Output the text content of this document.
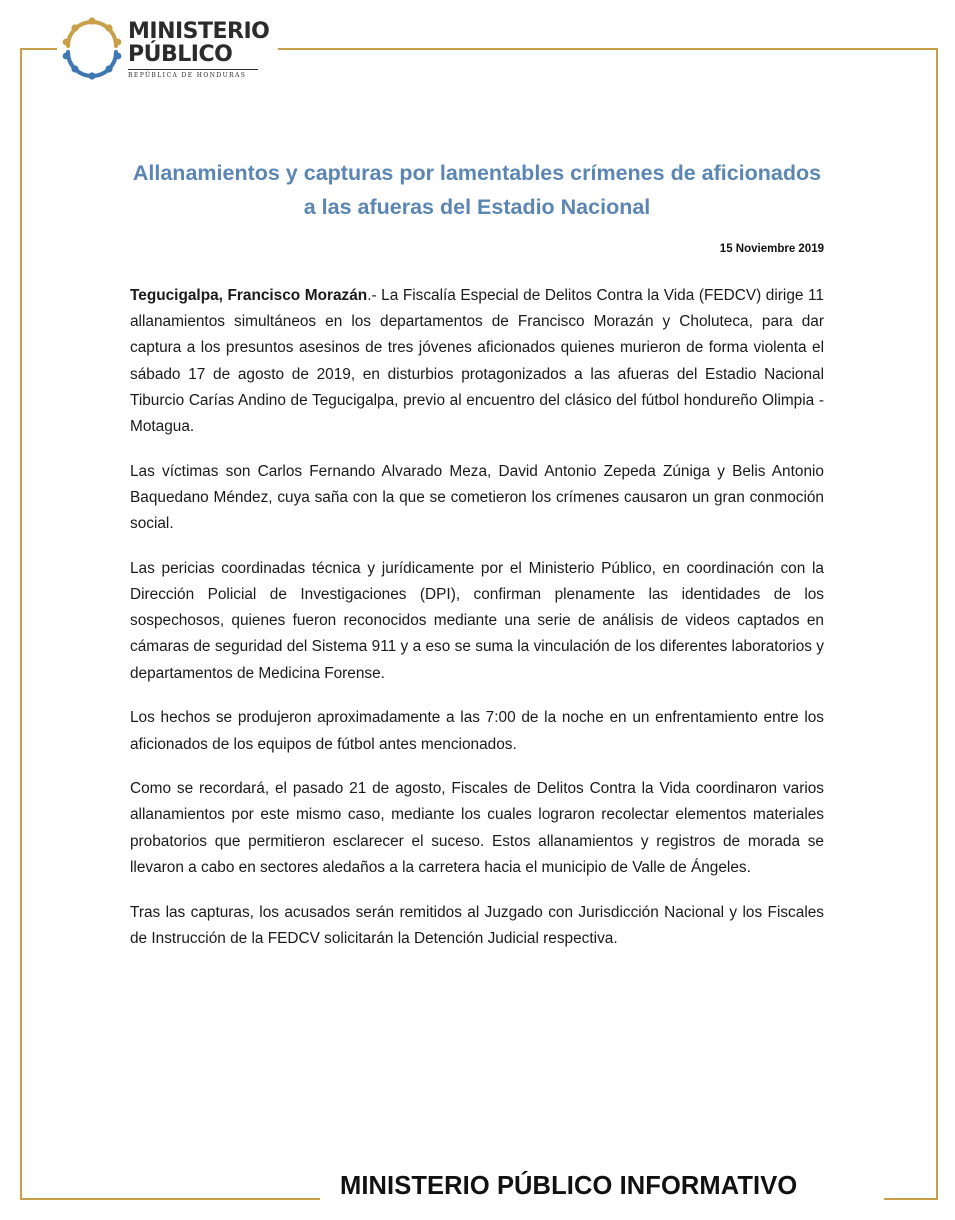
MINISTERIO
PÚBLICO
REPÚBLICA DE HONDURAS
Allanamientos y capturas por lamentables crímenes de aficionados a las afueras del Estadio Nacional
15 Noviembre 2019

Tegucigalpa, Francisco Morazán.- La Fiscalía Especial de Delitos Contra la Vida (FEDCV) dirige 11 allanamientos simultáneos en los departamentos de Francisco Morazán y Choluteca, para dar captura a los presuntos asesinos de tres jóvenes aficionados quienes murieron de forma violenta el sábado 17 de agosto de 2019, en disturbios protagonizados a las afueras del Estadio Nacional Tiburcio Carías Andino de Tegucigalpa, previo al encuentro del clásico del fútbol hondureño Olimpia - Motagua.

Las víctimas son Carlos Fernando Alvarado Meza, David Antonio Zepeda Zúniga y Belis Antonio Baquedano Méndez, cuya saña con la que se cometieron los crímenes causaron un gran conmoción social.

Las pericias coordinadas técnica y jurídicamente por el Ministerio Público, en coordinación con la Dirección Policial de Investigaciones (DPI), confirman plenamente las identidades de los sospechosos, quienes fueron reconocidos mediante una serie de análisis de videos captados en cámaras de seguridad del Sistema 911 y a eso se suma la vinculación de los diferentes laboratorios y departamentos de Medicina Forense.

Los hechos se produjeron aproximadamente a las 7:00 de la noche en un enfrentamiento entre los aficionados de los equipos de fútbol antes mencionados.

Como se recordará, el pasado 21 de agosto, Fiscales de Delitos Contra la Vida coordinaron varios allanamientos por este mismo caso, mediante los cuales lograron recolectar elementos materiales probatorios que permitieron esclarecer el suceso. Estos allanamientos y registros de morada se llevaron a cabo en sectores aledaños a la carretera hacia el municipio de Valle de Ángeles.

Tras las capturas, los acusados serán remitidos al Juzgado con Jurisdicción Nacional y los Fiscales de Instrucción de la FEDCV solicitarán la Detención Judicial respectiva.

MINISTERIO PÚBLICO INFORMATIVO
